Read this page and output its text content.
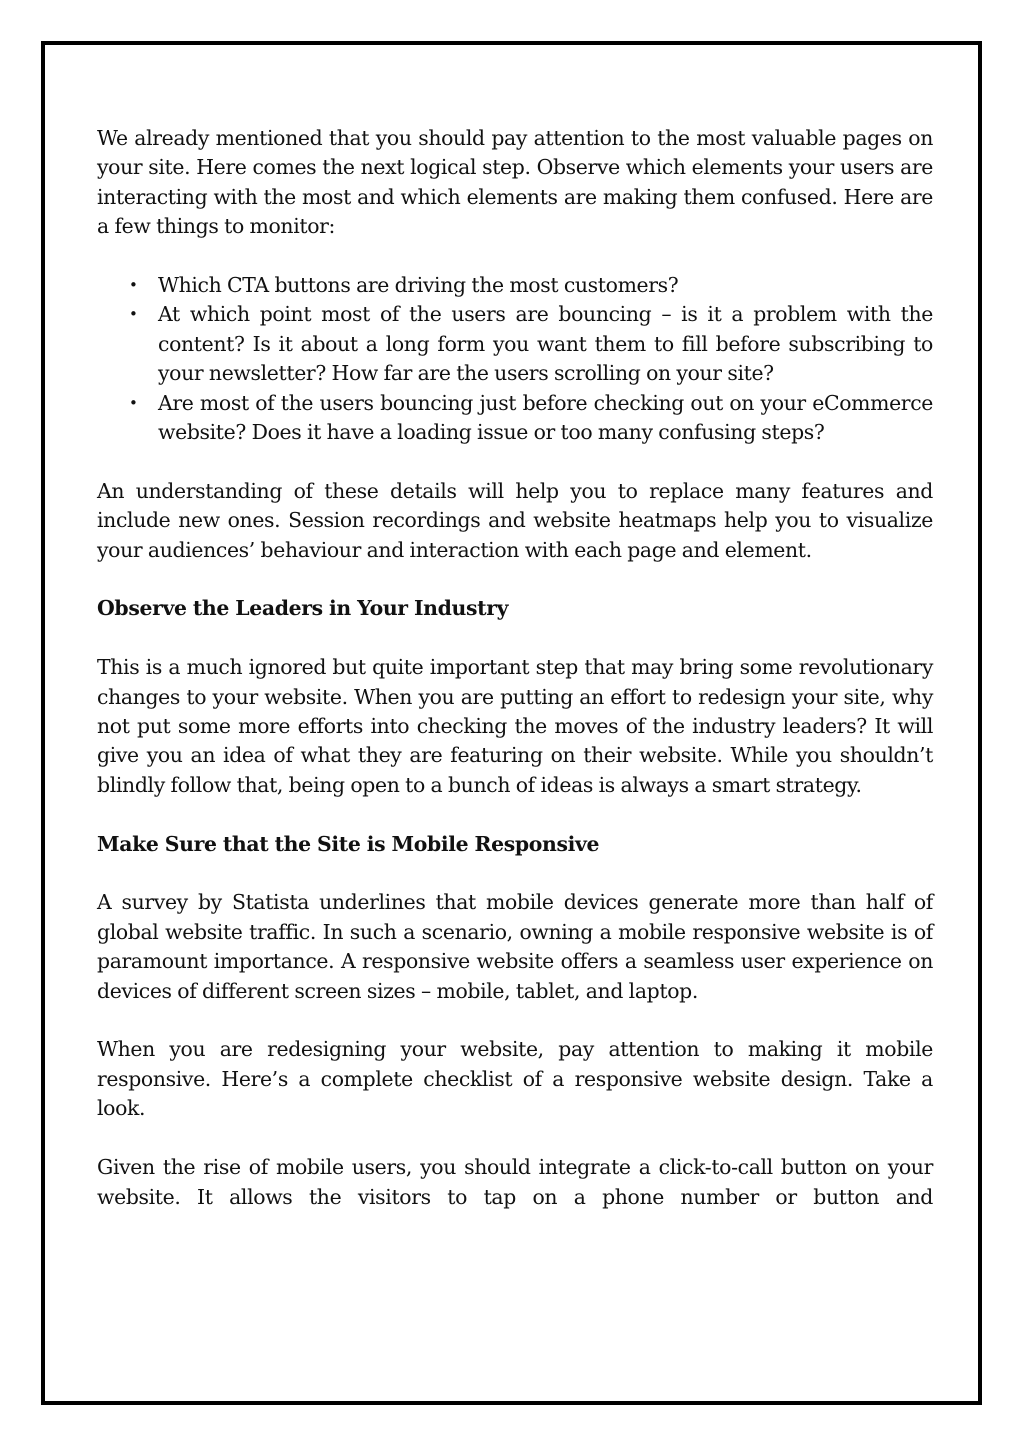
We already mentioned that you should pay attention to the most valuable pages on your site. Here comes the next logical step. Observe which elements your users are interacting with the most and which elements are making them confused. Here are a few things to monitor:

• Which CTA buttons are driving the most customers?
• At which point most of the users are bouncing – is it a problem with the content? Is it about a long form you want them to fill before subscribing to your newsletter? How far are the users scrolling on your site?
• Are most of the users bouncing just before checking out on your eCommerce website? Does it have a loading issue or too many confusing steps?

An understanding of these details will help you to replace many features and include new ones. Session recordings and website heatmaps help you to visualize your audiences’ behaviour and interaction with each page and element.

Observe the Leaders in Your Industry

This is a much ignored but quite important step that may bring some revolutionary changes to your website. When you are putting an effort to redesign your site, why not put some more efforts into checking the moves of the industry leaders? It will give you an idea of what they are featuring on their website. While you shouldn’t blindly follow that, being open to a bunch of ideas is always a smart strategy.

Make Sure that the Site is Mobile Responsive

A survey by Statista underlines that mobile devices generate more than half of global website traffic. In such a scenario, owning a mobile responsive website is of paramount importance. A responsive website offers a seamless user experience on devices of different screen sizes – mobile, tablet, and laptop.

When you are redesigning your website, pay attention to making it mobile responsive. Here’s a complete checklist of a responsive website design. Take a look.

Given the rise of mobile users, you should integrate a click-to-call button on your website. It allows the visitors to tap on a phone number or button and
